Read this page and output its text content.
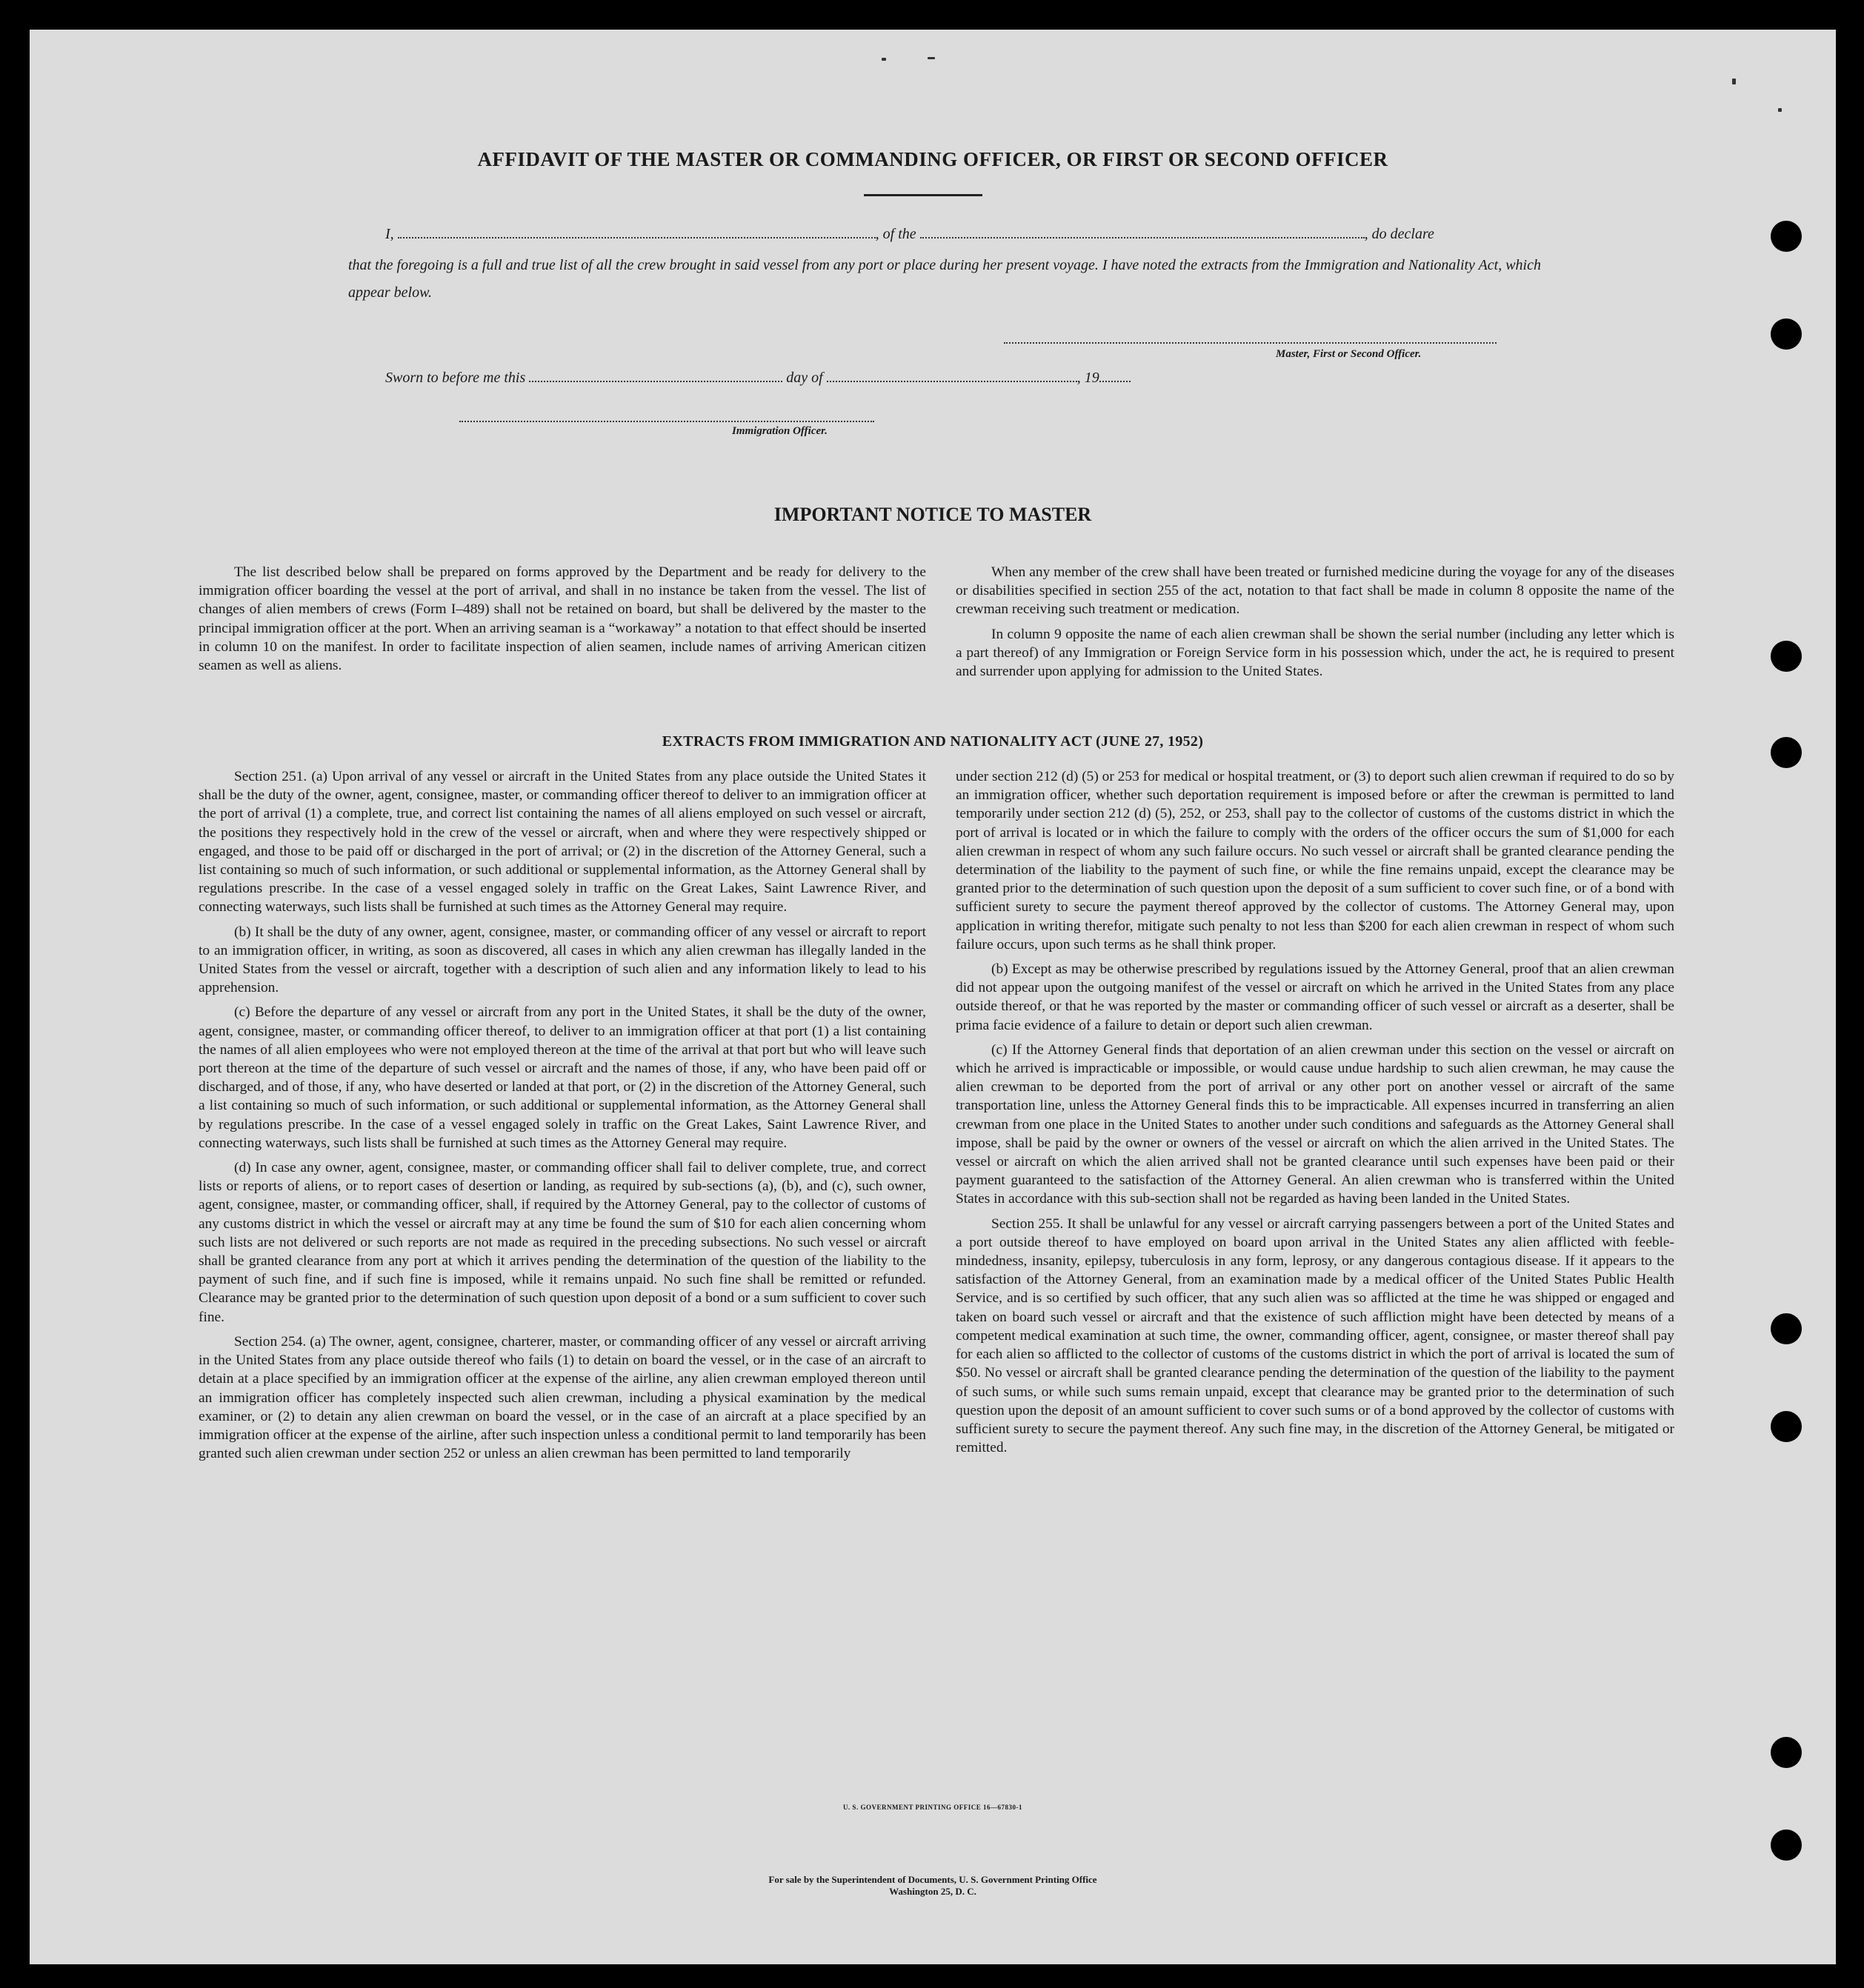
AFFIDAVIT OF THE MASTER OR COMMANDING OFFICER, OR FIRST OR SECOND OFFICER
I,	, of the	, do declare
that the foregoing is a full and true list of all the crew brought in said vessel from any port or place during her present voyage. I have noted the extracts from the Immigration and Nationality Act, which appear below.
Master, First or Second Officer.
Sworn to before me this	day of	, 19
Immigration Officer.
IMPORTANT NOTICE TO MASTER

The list described below shall be prepared on forms approved by the Department and be ready for delivery to the immigration officer boarding the vessel at the port of arrival, and shall in no instance be taken from the vessel. The list of changes of alien members of crews (Form I–489) shall not be retained on board, but shall be delivered by the master to the principal immigration officer at the port. When an arriving seaman is a “workaway” a notation to that effect should be inserted in column 10 on the manifest. In order to facilitate inspection of alien seamen, include names of arriving American citizen seamen as well as aliens.

When any member of the crew shall have been treated or furnished medicine during the voyage for any of the diseases or disabilities specified in section 255 of the act, notation to that fact shall be made in column 8 opposite the name of the crewman receiving such treatment or medication.

In column 9 opposite the name of each alien crewman shall be shown the serial number (including any letter which is a part thereof) of any Immigration or Foreign Service form in his possession which, under the act, he is required to present and surrender upon applying for admission to the United States.

EXTRACTS FROM IMMIGRATION AND NATIONALITY ACT (JUNE 27, 1952)

Section 251. (a) Upon arrival of any vessel or aircraft in the United States from any place outside the United States it shall be the duty of the owner, agent, consignee, master, or commanding officer thereof to deliver to an immigration officer at the port of arrival (1) a complete, true, and correct list containing the names of all aliens employed on such vessel or aircraft, the positions they respectively hold in the crew of the vessel or aircraft, when and where they were respectively shipped or engaged, and those to be paid off or discharged in the port of arrival; or (2) in the discretion of the Attorney General, such a list containing so much of such information, or such additional or supplemental information, as the Attorney General shall by regulations prescribe. In the case of a vessel engaged solely in traffic on the Great Lakes, Saint Lawrence River, and connecting waterways, such lists shall be furnished at such times as the Attorney General may require.

(b) It shall be the duty of any owner, agent, consignee, master, or commanding officer of any vessel or aircraft to report to an immigration officer, in writing, as soon as discovered, all cases in which any alien crewman has illegally landed in the United States from the vessel or aircraft, together with a description of such alien and any information likely to lead to his apprehension.

(c) Before the departure of any vessel or aircraft from any port in the United States, it shall be the duty of the owner, agent, consignee, master, or commanding officer thereof, to deliver to an immigration officer at that port (1) a list containing the names of all alien employees who were not employed thereon at the time of the arrival at that port but who will leave such port thereon at the time of the departure of such vessel or aircraft and the names of those, if any, who have been paid off or discharged, and of those, if any, who have deserted or landed at that port, or (2) in the discretion of the Attorney General, such a list containing so much of such information, or such additional or supplemental information, as the Attorney General shall by regulations prescribe. In the case of a vessel engaged solely in traffic on the Great Lakes, Saint Lawrence River, and connecting waterways, such lists shall be furnished at such times as the Attorney General may require.

(d) In case any owner, agent, consignee, master, or commanding officer shall fail to deliver complete, true, and correct lists or reports of aliens, or to report cases of desertion or landing, as required by sub-sections (a), (b), and (c), such owner, agent, consignee, master, or commanding officer, shall, if required by the Attorney General, pay to the collector of customs of any customs district in which the vessel or aircraft may at any time be found the sum of $10 for each alien concerning whom such lists are not delivered or such reports are not made as required in the preceding subsections. No such vessel or aircraft shall be granted clearance from any port at which it arrives pending the determination of the question of the liability to the payment of such fine, and if such fine is imposed, while it remains unpaid. No such fine shall be remitted or refunded. Clearance may be granted prior to the determination of such question upon deposit of a bond or a sum sufficient to cover such fine.

Section 254. (a) The owner, agent, consignee, charterer, master, or commanding officer of any vessel or aircraft arriving in the United States from any place outside thereof who fails (1) to detain on board the vessel, or in the case of an aircraft to detain at a place specified by an immigration officer at the expense of the airline, any alien crewman employed thereon until an immigration officer has completely inspected such alien crewman, including a physical examination by the medical examiner, or (2) to detain any alien crewman on board the vessel, or in the case of an aircraft at a place specified by an immigration officer at the expense of the airline, after such inspection unless a conditional permit to land temporarily has been granted such alien crewman under section 252 or unless an alien crewman has been permitted to land temporarily

under section 212 (d) (5) or 253 for medical or hospital treatment, or (3) to deport such alien crewman if required to do so by an immigration officer, whether such deportation requirement is imposed before or after the crewman is permitted to land temporarily under section 212 (d) (5), 252, or 253, shall pay to the collector of customs of the customs district in which the port of arrival is located or in which the failure to comply with the orders of the officer occurs the sum of $1,000 for each alien crewman in respect of whom any such failure occurs. No such vessel or aircraft shall be granted clearance pending the determination of the liability to the payment of such fine, or while the fine remains unpaid, except the clearance may be granted prior to the determination of such question upon the deposit of a sum sufficient to cover such fine, or of a bond with sufficient surety to secure the payment thereof approved by the collector of customs. The Attorney General may, upon application in writing therefor, mitigate such penalty to not less than $200 for each alien crewman in respect of whom such failure occurs, upon such terms as he shall think proper.

(b) Except as may be otherwise prescribed by regulations issued by the Attorney General, proof that an alien crewman did not appear upon the outgoing manifest of the vessel or aircraft on which he arrived in the United States from any place outside thereof, or that he was reported by the master or commanding officer of such vessel or aircraft as a deserter, shall be prima facie evidence of a failure to detain or deport such alien crewman.

(c) If the Attorney General finds that deportation of an alien crewman under this section on the vessel or aircraft on which he arrived is impracticable or impossible, or would cause undue hardship to such alien crewman, he may cause the alien crewman to be deported from the port of arrival or any other port on another vessel or aircraft of the same transportation line, unless the Attorney General finds this to be impracticable. All expenses incurred in transferring an alien crewman from one place in the United States to another under such conditions and safeguards as the Attorney General shall impose, shall be paid by the owner or owners of the vessel or aircraft on which the alien arrived in the United States. The vessel or aircraft on which the alien arrived shall not be granted clearance until such expenses have been paid or their payment guaranteed to the satisfaction of the Attorney General. An alien crewman who is transferred within the United States in accordance with this sub-section shall not be regarded as having been landed in the United States.

Section 255. It shall be unlawful for any vessel or aircraft carrying passengers between a port of the United States and a port outside thereof to have employed on board upon arrival in the United States any alien afflicted with feeble-mindedness, insanity, epilepsy, tuberculosis in any form, leprosy, or any dangerous contagious disease. If it appears to the satisfaction of the Attorney General, from an examination made by a medical officer of the United States Public Health Service, and is so certified by such officer, that any such alien was so afflicted at the time he was shipped or engaged and taken on board such vessel or aircraft and that the existence of such affliction might have been detected by means of a competent medical examination at such time, the owner, commanding officer, agent, consignee, or master thereof shall pay for each alien so afflicted to the collector of customs of the customs district in which the port of arrival is located the sum of $50. No vessel or aircraft shall be granted clearance pending the determination of the question of the liability to the payment of such sums, or while such sums remain unpaid, except that clearance may be granted prior to the determination of such question upon the deposit of an amount sufficient to cover such sums or of a bond approved by the collector of customs with sufficient surety to secure the payment thereof. Any such fine may, in the discretion of the Attorney General, be mitigated or remitted.

U. S. GOVERNMENT PRINTING OFFICE 16—67830-1
For sale by the Superintendent of Documents, U. S. Government Printing Office
Washington 25, D. C.
